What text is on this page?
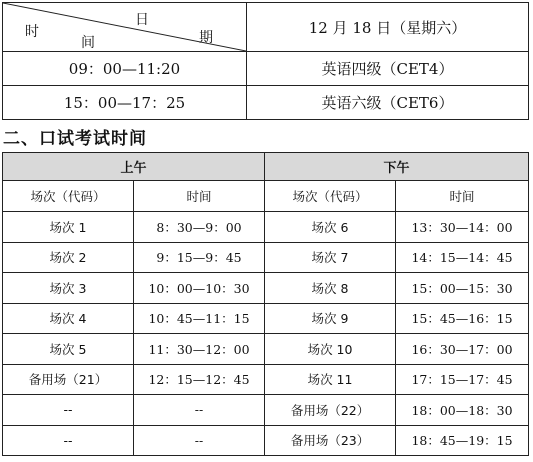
时
间
日
期	12 月 18 日（星期六）
09：00—11:20	英语四级（CET4）
15：00—17：25	英语六级（CET6）
二、口试考试时间
上午		下午	
场次（代码）	时间	场次（代码）	时间
场次 1	8：30—9：00	场次 6	13：30—14：00
场次 2	9：15—9：45	场次 7	14：15—14：45
场次 3	10：00—10：30	场次 8	15：00—15：30
场次 4	10：45—11：15	场次 9	15：45—16：15
场次 5	11：30—12：00	场次 10	16：30—17：00
备用场（21）	12：15—12：45	场次 11	17：15—17：45
--	--	备用场（22）	18：00—18：30
--	--	备用场（23）	18：45—19：15
